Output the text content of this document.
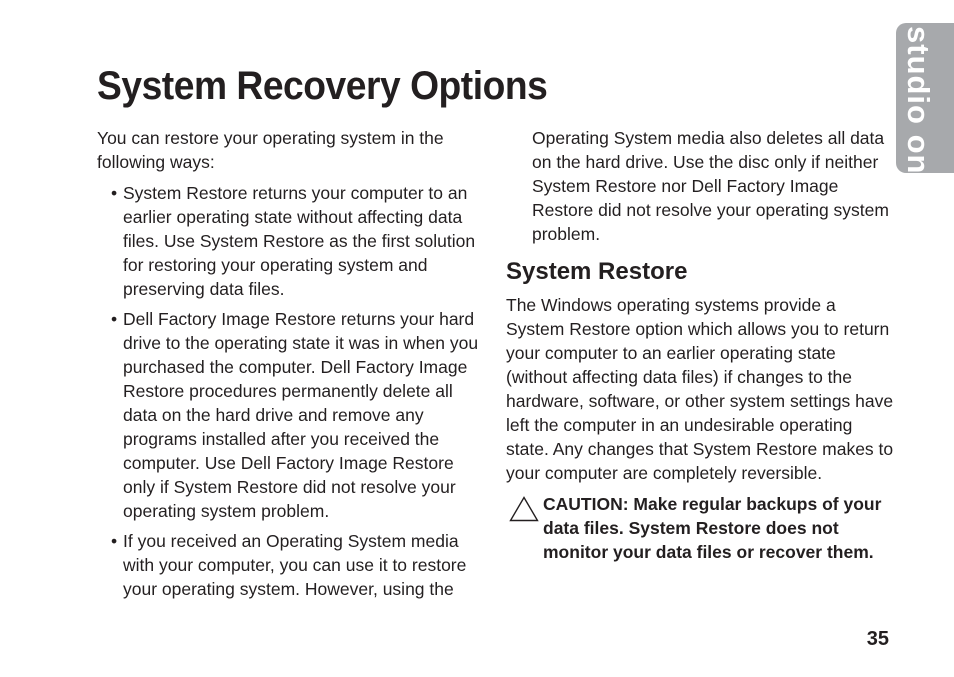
studio one
System Recovery Options

You can restore your operating system in the following ways:

• System Restore returns your computer to an earlier operating state without affecting data files. Use System Restore as the first solution for restoring your operating system and preserving data files.
• Dell Factory Image Restore returns your hard drive to the operating state it was in when you purchased the computer. Dell Factory Image Restore procedures permanently delete all data on the hard drive and remove any programs installed after you received the computer. Use Dell Factory Image Restore only if System Restore did not resolve your operating system problem.
• If you received an Operating System media with your computer, you can use it to restore your operating system. However, using the

Operating System media also deletes all data on the hard drive. Use the disc only if neither System Restore nor Dell Factory Image Restore did not resolve your operating system problem.

System Restore

The Windows operating systems provide a System Restore option which allows you to return your computer to an earlier operating state (without affecting data files) if changes to the hardware, software, or other system settings have left the computer in an undesirable operating state. Any changes that System Restore makes to your computer are completely reversible.

CAUTION: Make regular backups of your data files. System Restore does not monitor your data files or recover them.
35
